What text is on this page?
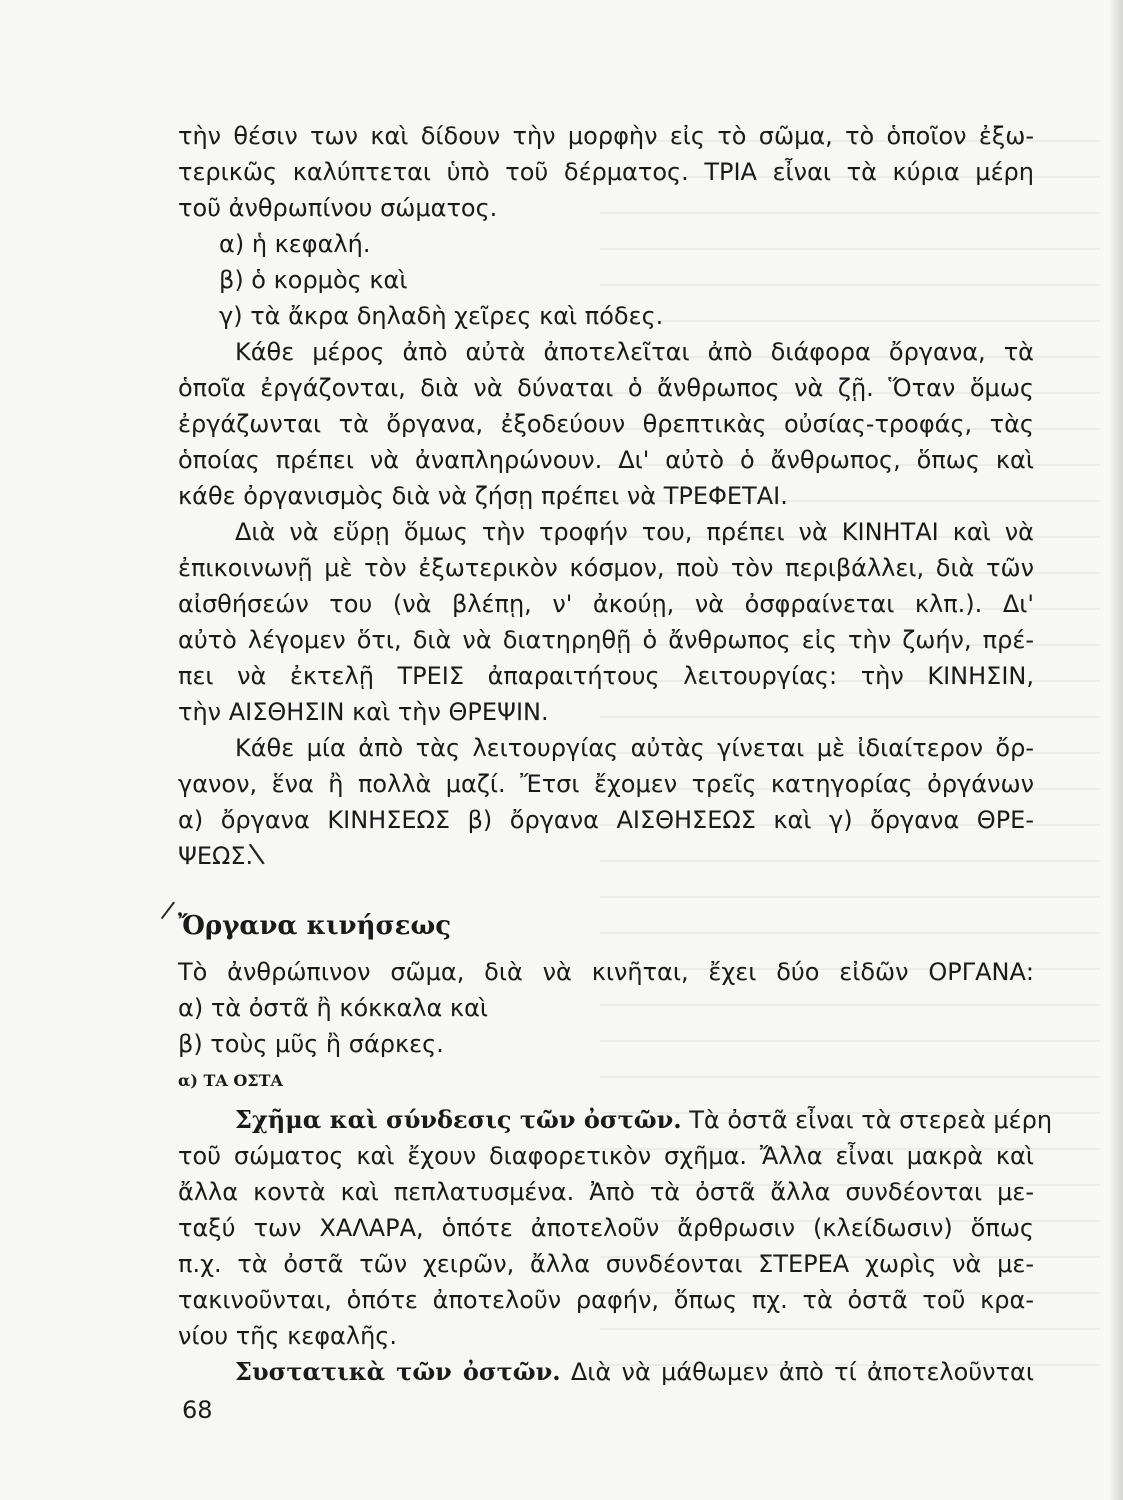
τὴν θέσιν των καὶ δίδουν τὴν μορφὴν εἰς τὸ σῶμα, τὸ ὁποῖον ἐξω-
τερικῶς καλύπτεται ὑπὸ τοῦ δέρματος. ΤΡΙΑ εἶναι τὰ κύρια μέρη
τοῦ ἀνθρωπίνου σώματος.
α) ἡ κεφαλή.
β) ὁ κορμὸς καὶ
γ) τὰ ἄκρα δηλαδὴ χεῖρες καὶ πόδες.
Κάθε μέρος ἀπὸ αὐτὰ ἀποτελεῖται ἀπὸ διάφορα ὄργανα, τὰ
ὁποῖα ἐργάζονται, διὰ νὰ δύναται ὁ ἄνθρωπος νὰ ζῇ. Ὅταν ὅμως
ἐργάζωνται τὰ ὄργανα, ἐξοδεύουν θρεπτικὰς οὐσίας-τροφάς, τὰς
ὁποίας πρέπει νὰ ἀναπληρώνουν. Δι' αὐτὸ ὁ ἄνθρωπος, ὅπως καὶ
κάθε ὀργανισμὸς διὰ νὰ ζήσῃ πρέπει νὰ ΤΡΕΦΕΤΑΙ.
Διὰ νὰ εὕρῃ ὅμως τὴν τροφήν του, πρέπει νὰ ΚΙΝΗΤΑΙ καὶ νὰ
ἐπικοινωνῇ μὲ τὸν ἐξωτερικὸν κόσμον, ποὺ τὸν περιβάλλει, διὰ τῶν
αἰσθήσεών του (νὰ βλέπῃ, ν' ἀκούῃ, νὰ ὀσφραίνεται κλπ.). Δι'
αὐτὸ λέγομεν ὅτι, διὰ νὰ διατηρηθῇ ὁ ἄνθρωπος εἰς τὴν ζωήν, πρέ-
πει νὰ ἐκτελῇ ΤΡΕΙΣ ἀπαραιτήτους λειτουργίας: τὴν ΚΙΝΗΣΙΝ,
τὴν ΑΙΣΘΗΣΙΝ καὶ τὴν ΘΡΕΨΙΝ.
Κάθε μία ἀπὸ τὰς λειτουργίας αὐτὰς γίνεται μὲ ἰδιαίτερον ὄρ-
γανον, ἕνα ἢ πολλὰ μαζί. Ἔτσι ἔχομεν τρεῖς κατηγορίας ὀργάνων
α) ὄργανα ΚΙΝΗΣΕΩΣ β) ὄργανα ΑΙΣΘΗΣΕΩΣ καὶ γ) ὄργανα ΘΡΕ-
ΨΕΩΣ.
\
/
Ὄργανα κινήσεως
Τὸ ἀνθρώπινον σῶμα, διὰ νὰ κινῆται, ἔχει δύο εἰδῶν ΟΡΓΑΝΑ:
α) τὰ ὀστᾶ ἢ κόκκαλα καὶ
β) τοὺς μῦς ἢ σάρκες.
α) ΤΑ ΟΣΤΑ
Σχῆμα καὶ σύνδεσις τῶν ὀστῶν. Τὰ ὀστᾶ εἶναι τὰ στερεὰ μέρη
τοῦ σώματος καὶ ἔχουν διαφορετικὸν σχῆμα. Ἄλλα εἶναι μακρὰ καὶ
ἄλλα κοντὰ καὶ πεπλατυσμένα. Ἀπὸ τὰ ὀστᾶ ἄλλα συνδέονται με-
ταξύ των ΧΑΛΑΡΑ, ὁπότε ἀποτελοῦν ἄρθρωσιν (κλείδωσιν) ὅπως
π.χ. τὰ ὀστᾶ τῶν χειρῶν, ἄλλα συνδέονται ΣΤΕΡΕΑ χωρὶς νὰ με-
τακινοῦνται, ὁπότε ἀποτελοῦν ραφήν, ὅπως πχ. τὰ ὀστᾶ τοῦ κρα-
νίου τῆς κεφαλῆς.
Συστατικὰ τῶν ὀστῶν. Διὰ νὰ μάθωμεν ἀπὸ τί ἀποτελοῦνται
68
